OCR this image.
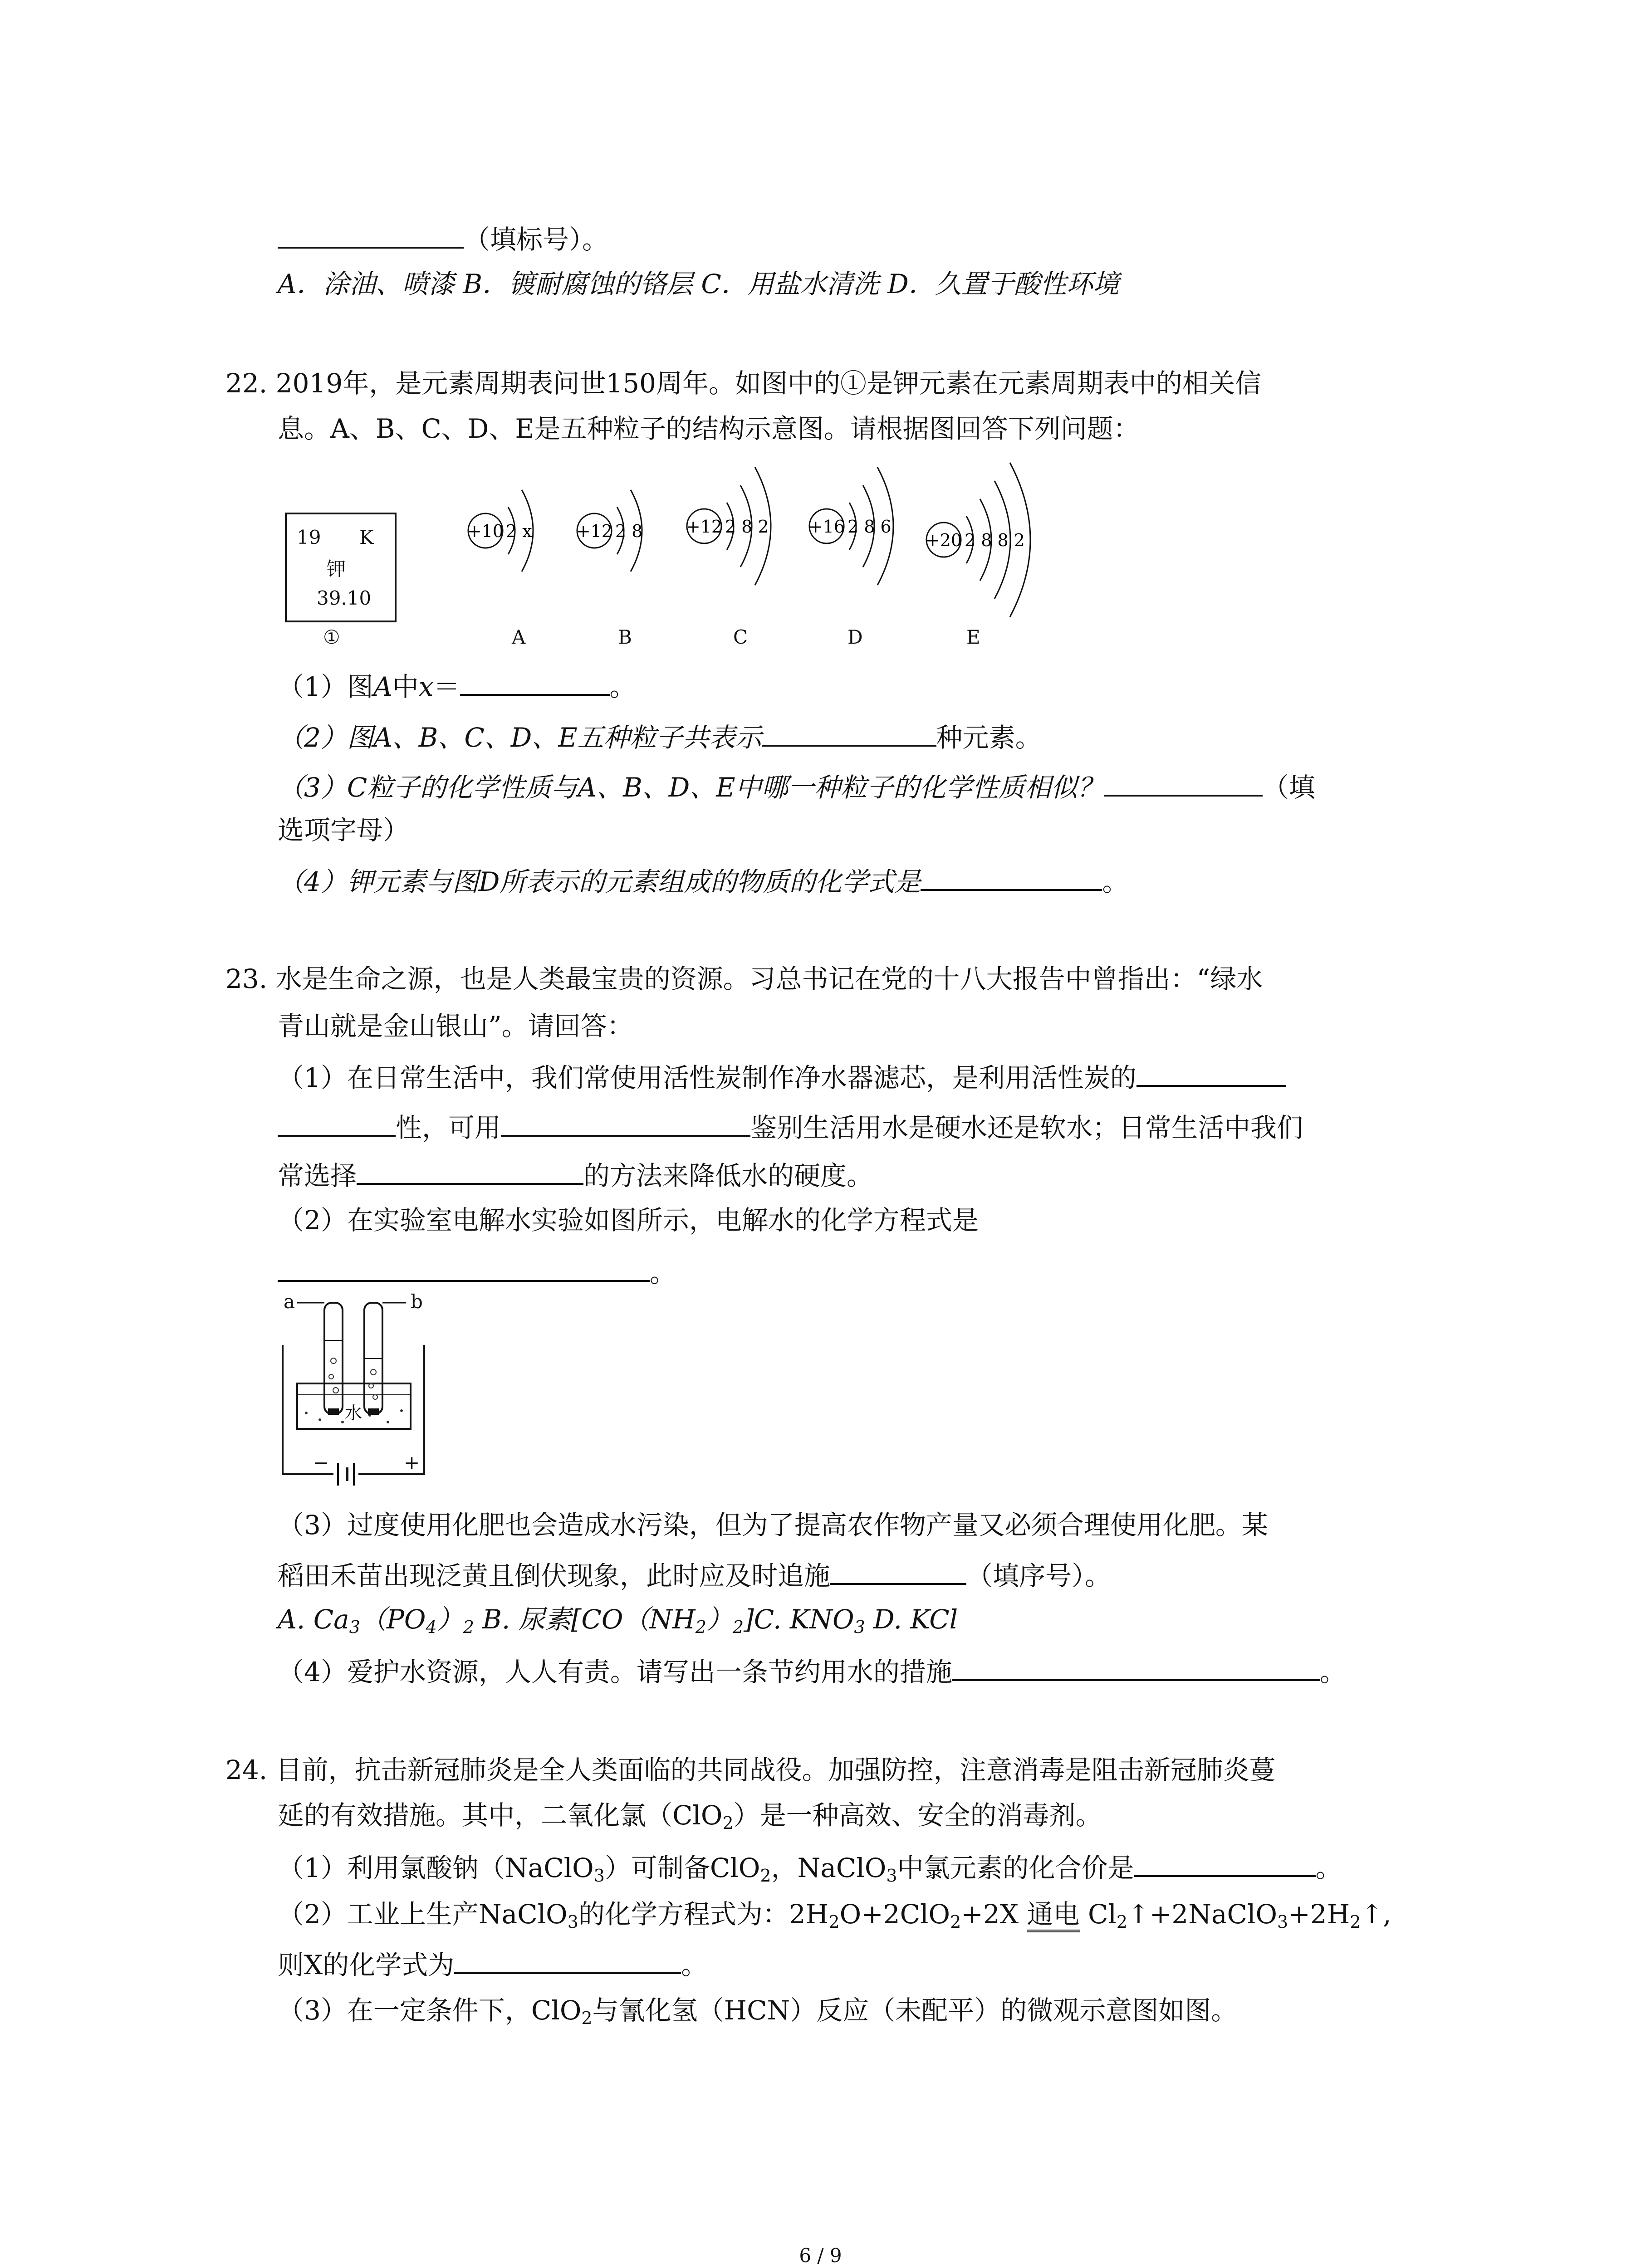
（填标号）。
A．涂油、喷漆 B．镀耐腐蚀的铬层 C．用盐水清洗 D．久置于酸性环境
22. 2019年，是元素周期表问世150周年。如图中的①是钾元素在元素周期表中的相关信
息。A、B、C、D、E是五种粒子的结构示意图。请根据图回答下列问题：
19 K
钾
39.10
①
+10 2 x	+12 2 8	+12 2 8 2 +16 2 8 6
+20 2 8 8 2
A	B	C	D	E
（1）图A中x＝	。
（2）图A、B、C、D、E五种粒子共表示	种元素。
（3）C粒子的化学性质与A、B、D、E中哪一种粒子的化学性质相似？	（填
选项字母）
（4）钾元素与图D所表示的元素组成的物质的化学式是	。
23. 水是生命之源，也是人类最宝贵的资源。习总书记在党的十八大报告中曾指出：“绿水
青山就是金山银山”。请回答：
（1）在日常生活中，我们常使用活性炭制作净水器滤芯，是利用活性炭的
性，可用	鉴别生活用水是硬水还是软水；日常生活中我们
常选择	的方法来降低水的硬度。
（2）在实验室电解水实验如图所示，电解水的化学方程式是
。
a	b
水
−	+
（3）过度使用化肥也会造成水污染，但为了提高农作物产量又必须合理使用化肥。某
稻田禾苗出现泛黄且倒伏现象，此时应及时追施	（填序号）。
A. $Ca_3(PO_4)_2$ B. 尿素$[CO(NH_2)_2]C$. $KNO_3$ D. KCl
（4）爱护水资源，人人有责。请写出一条节约用水的措施	。
24. 目前，抗击新冠肺炎是全人类面临的共同战役。加强防控，注意消毒是阻击新冠肺炎蔓
延的有效措施。其中，二氧化氯（ClO$_2$）是一种高效、安全的消毒剂。
（1）利用氯酸钠（NaClO$_3$）可制备ClO$_2$，NaClO$_3$中氯元素的化合价是	。
（2）工业上生产NaClO$_3$的化学方程式为：$2H_2O+2ClO_2+2X$ 通电 $Cl_2↑+2NaClO_3+2H_2↑$,
则X的化学式为	。
（3）在一定条件下，ClO$_2$与氰化氢（HCN）反应（未配平）的微观示意图如图。
6 / 9
